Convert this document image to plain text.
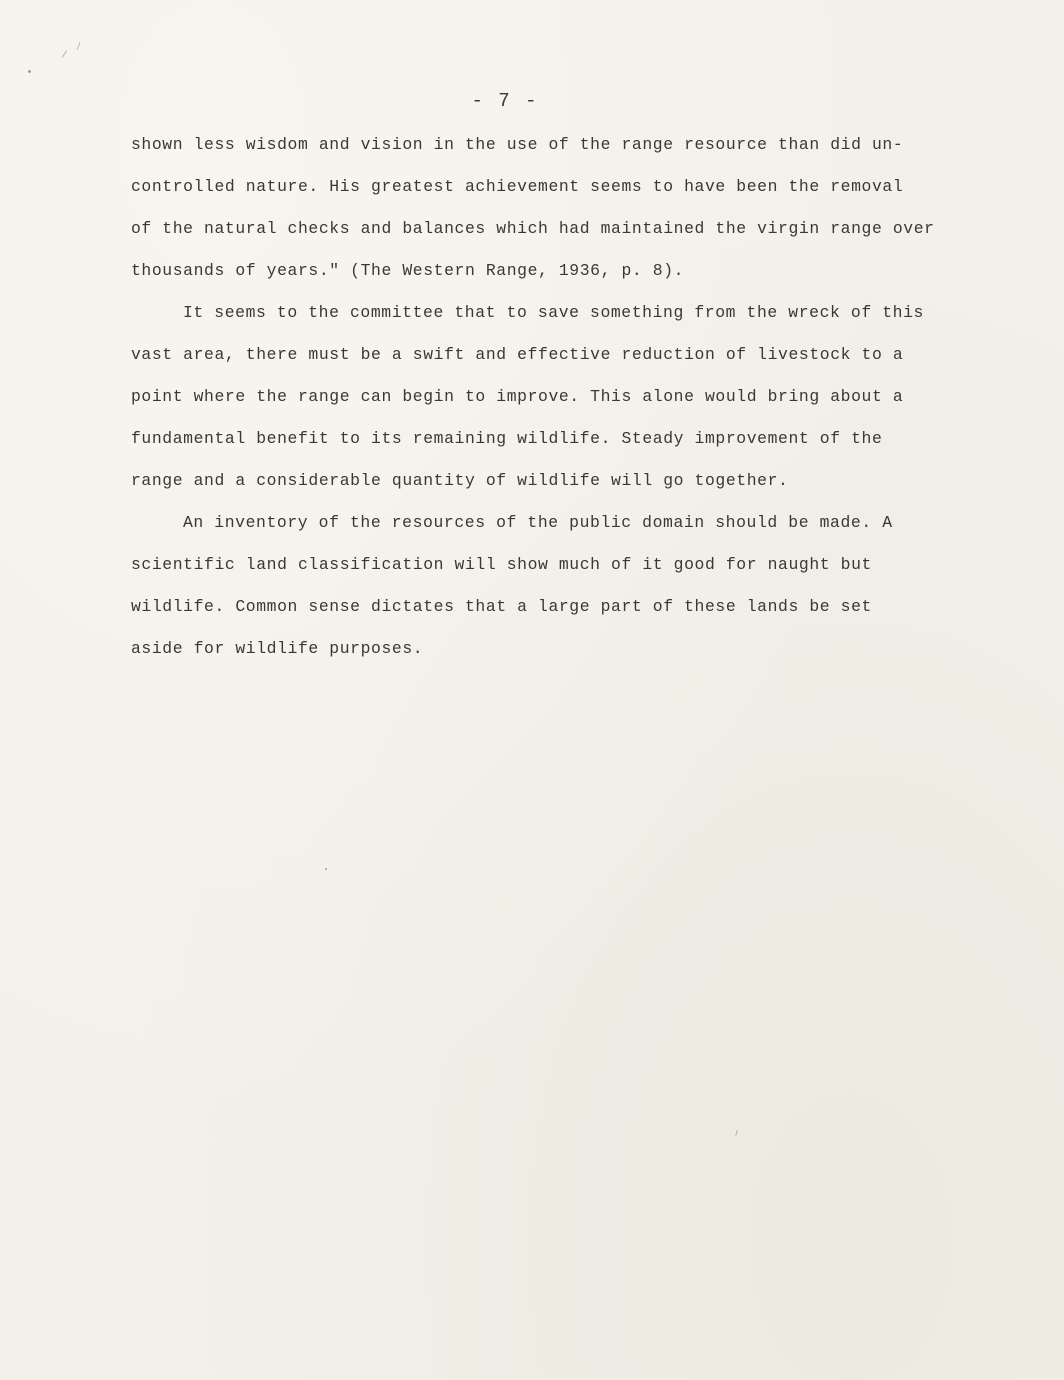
- 7 -
shown less wisdom and vision in the use of the range resource than did un-
controlled nature. His greatest achievement seems to have been the removal
of the natural checks and balances which had maintained the virgin range over
thousands of years." (The Western Range, 1936, p. 8).
It seems to the committee that to save something from the wreck of this
vast area, there must be a swift and effective reduction of livestock to a
point where the range can begin to improve. This alone would bring about a
fundamental benefit to its remaining wildlife. Steady improvement of the
range and a considerable quantity of wildlife will go together.
An inventory of the resources of the public domain should be made. A
scientific land classification will show much of it good for naught but
wildlife. Common sense dictates that a large part of these lands be set
aside for wildlife purposes.
